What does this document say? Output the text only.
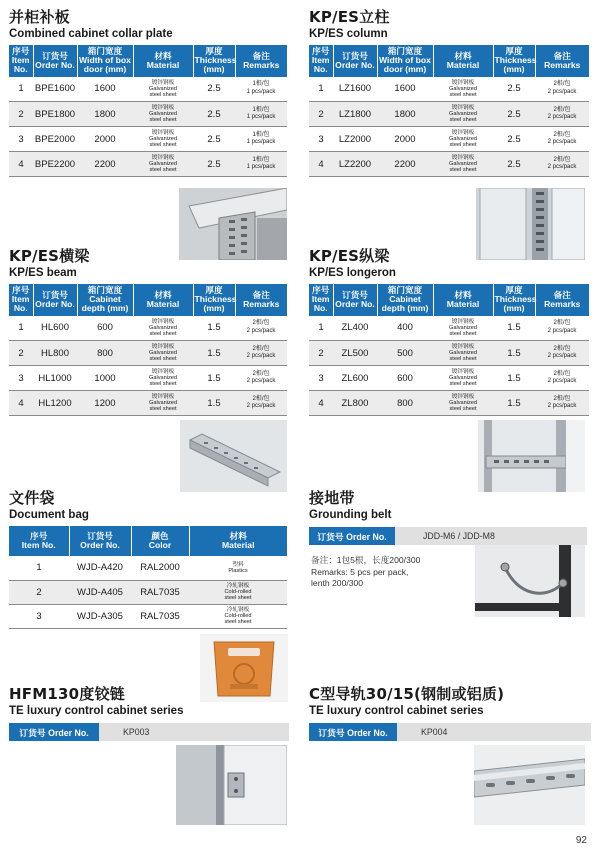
并柜补板
Combined cabinet collar plate
序号
Item
No.	订货号
Order No.	箱门宽度
Width of box
door (mm)	材料
Material	厚度
Thickness
(mm)	备注
Remarks
1	BPE1600	1600	镀锌钢板
Galvanized
steel sheet	2.5	1根/包
1 pcs/pack
2	BPE1800	1800	镀锌钢板
Galvanized
steel sheet	2.5	1根/包
1 pcs/pack
3	BPE2000	2000	镀锌钢板
Galvanized
steel sheet	2.5	1根/包
1 pcs/pack
4	BPE2200	2200	镀锌钢板
Galvanized
steel sheet	2.5	1根/包
1 pcs/pack
KP/ES立柱
KP/ES column
序号
Item
No.	订货号
Order No.	箱门宽度
Width of box
door (mm)	材料
Material	厚度
Thickness
(mm)	备注
Remarks
1	LZ1600	1600	镀锌钢板
Galvanized
steel sheet	2.5	2根/包
2 pcs/pack
2	LZ1800	1800	镀锌钢板
Galvanized
steel sheet	2.5	2根/包
2 pcs/pack
3	LZ2000	2000	镀锌钢板
Galvanized
steel sheet	2.5	2根/包
2 pcs/pack
4	LZ2200	2200	镀锌钢板
Galvanized
steel sheet	2.5	2根/包
2 pcs/pack
KP/ES横梁
KP/ES beam
序号
Item
No.	订货号
Order No.	箱门宽度
Cabinet
depth (mm)	材料
Material	厚度
Thickness
(mm)	备注
Remarks
1	HL600	600	镀锌钢板
Galvanized
steel sheet	1.5	2根/包
2 pcs/pack
2	HL800	800	镀锌钢板
Galvanized
steel sheet	1.5	2根/包
2 pcs/pack
3	HL1000	1000	镀锌钢板
Galvanized
steel sheet	1.5	2根/包
2 pcs/pack
4	HL1200	1200	镀锌钢板
Galvanized
steel sheet	1.5	2根/包
2 pcs/pack
KP/ES纵梁
KP/ES longeron
序号
Item
No.	订货号
Order No.	箱门宽度
Cabinet
depth (mm)	材料
Material	厚度
Thickness
(mm)	备注
Remarks
1	ZL400	400	镀锌钢板
Galvanized
steel sheet	1.5	2根/包
2 pcs/pack
2	ZL500	500	镀锌钢板
Galvanized
steel sheet	1.5	2根/包
2 pcs/pack
3	ZL600	600	镀锌钢板
Galvanized
steel sheet	1.5	2根/包
2 pcs/pack
4	ZL800	800	镀锌钢板
Galvanized
steel sheet	1.5	2根/包
2 pcs/pack
文件袋
Document bag
序号
Item No.	订货号
Order No.	颜色
Color	材料
Material
1	WJD-A420	RAL2000	塑料
Plastics
2	WJD-A405	RAL7035	冷轧钢板
Cold-rolled
steel sheet
3	WJD-A305	RAL7035	冷轧钢板
Cold-rolled
steel sheet
接地带
Grounding belt
订货号 Order No.	JDD-M6 / JDD-M8
备注：1包5根，长度200/300
Remarks: 5 pcs per pack,
lenth 200/300
HFM130度铰链
TE luxury control cabinet series
订货号 Order No.	KP003
C型导轨30/15(钢制或铝质)
TE luxury control cabinet series
订货号 Order No.	KP004
92
